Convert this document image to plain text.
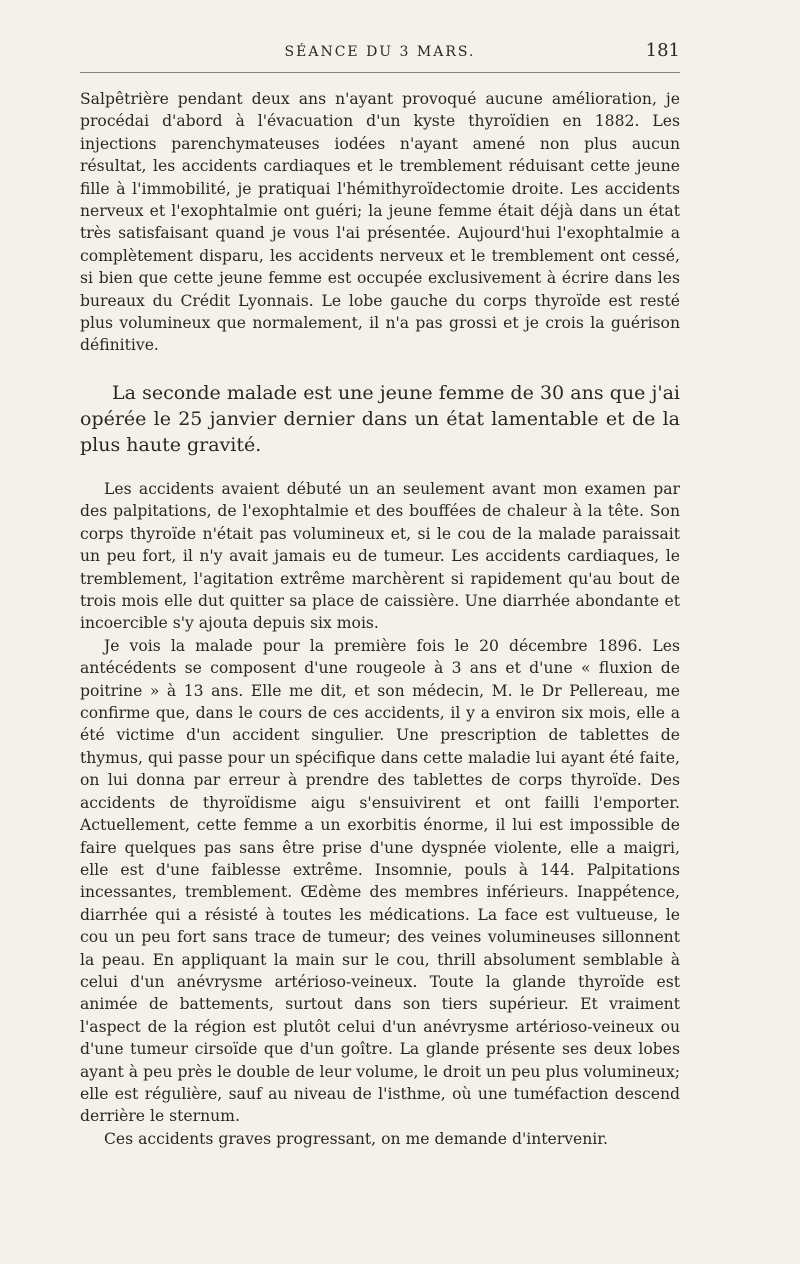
SÉANCE DU 3 MARS.	181

Salpêtrière pendant deux ans n'ayant provoqué aucune amélioration, je procédai d'abord à l'évacuation d'un kyste thyroïdien en 1882. Les injections parenchymateuses iodées n'ayant amené non plus aucun résultat, les accidents cardiaques et le tremblement réduisant cette jeune fille à l'immobilité, je pratiquai l'hémithyroïdectomie droite. Les accidents nerveux et l'exophtalmie ont guéri; la jeune femme était déjà dans un état très satisfaisant quand je vous l'ai présentée. Aujourd'hui l'exophtalmie a complètement disparu, les accidents nerveux et le tremblement ont cessé, si bien que cette jeune femme est occupée exclusivement à écrire dans les bureaux du Crédit Lyonnais. Le lobe gauche du corps thyroïde est resté plus volumineux que normalement, il n'a pas grossi et je crois la guérison définitive.

La seconde malade est une jeune femme de 30 ans que j'ai opérée le 25 janvier dernier dans un état lamentable et de la plus haute gravité.

Les accidents avaient débuté un an seulement avant mon examen par des palpitations, de l'exophtalmie et des bouffées de chaleur à la tête. Son corps thyroïde n'était pas volumineux et, si le cou de la malade paraissait un peu fort, il n'y avait jamais eu de tumeur. Les accidents cardiaques, le tremblement, l'agitation extrême marchèrent si rapidement qu'au bout de trois mois elle dut quitter sa place de caissière. Une diarrhée abondante et incoercible s'y ajouta depuis six mois.

Je vois la malade pour la première fois le 20 décembre 1896. Les antécédents se composent d'une rougeole à 3 ans et d'une « fluxion de poitrine » à 13 ans. Elle me dit, et son médecin, M. le Dr Pellereau, me confirme que, dans le cours de ces accidents, il y a environ six mois, elle a été victime d'un accident singulier. Une prescription de tablettes de thymus, qui passe pour un spécifique dans cette maladie lui ayant été faite, on lui donna par erreur à prendre des tablettes de corps thyroïde. Des accidents de thyroïdisme aigu s'ensuivirent et ont failli l'emporter. Actuellement, cette femme a un exorbitis énorme, il lui est impossible de faire quelques pas sans être prise d'une dyspnée violente, elle a maigri, elle est d'une faiblesse extrême. Insomnie, pouls à 144. Palpitations incessantes, tremblement. Œdème des membres inférieurs. Inappétence, diarrhée qui a résisté à toutes les médications. La face est vultueuse, le cou un peu fort sans trace de tumeur; des veines volumineuses sillonnent la peau. En appliquant la main sur le cou, thrill absolument semblable à celui d'un anévrysme artérioso-veineux. Toute la glande thyroïde est animée de battements, surtout dans son tiers supérieur. Et vraiment l'aspect de la région est plutôt celui d'un anévrysme artérioso-veineux ou d'une tumeur cirsoïde que d'un goître. La glande présente ses deux lobes ayant à peu près le double de leur volume, le droit un peu plus volumineux; elle est régulière, sauf au niveau de l'isthme, où une tuméfaction descend derrière le sternum.

Ces accidents graves progressant, on me demande d'intervenir.
